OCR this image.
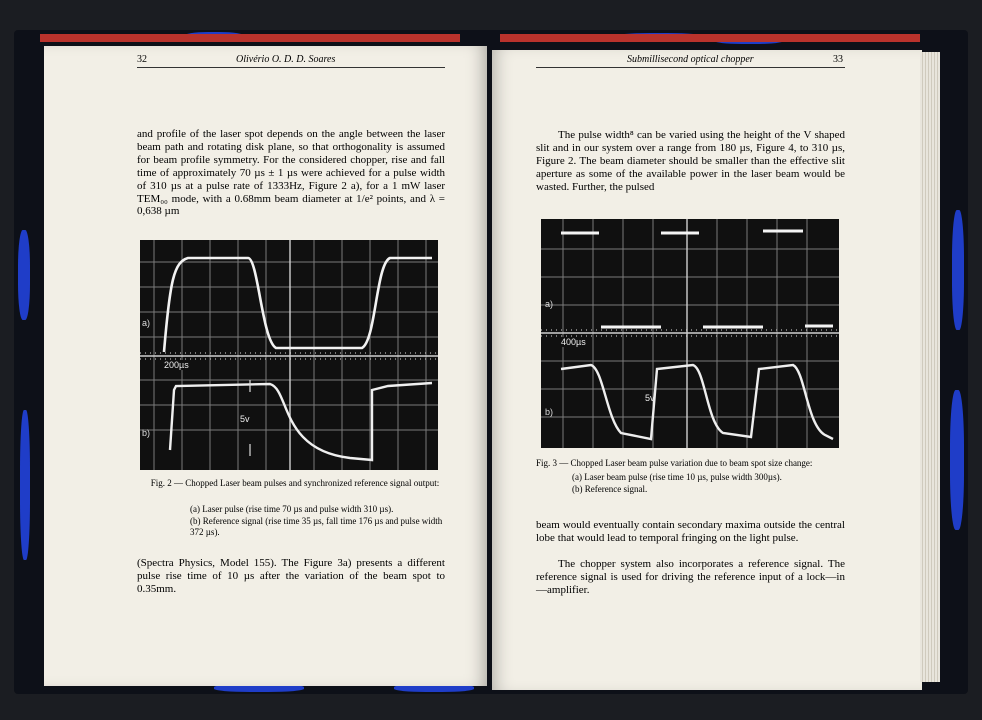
32	Olivério O. D. D. Soares

and profile of the laser spot depends on the angle between the laser beam path and rotating disk plane, so that orthogonality is assumed for beam profile symmetry. For the considered chopper, rise and fall time of approximately 70 µs ± 1 µs were achieved for a pulse width of 310 µs at a pulse rate of 1333Hz, Figure 2 a), for a 1 mW laser TEM₀₀ mode, with a 0.68mm beam diameter at 1/e² points, and λ = 0,638 µm

a)
b)
200µs
5v

Fig. 2 — Chopped Laser beam pulses and synchronized reference signal output:

(a) Laser pulse (rise time 70 µs and pulse width 310 µs).

(b) Reference signal (rise time 35 µs, fall time 176 µs and pulse width 372 µs).

(Spectra Physics, Model 155). The Figure 3a) presents a different pulse rise time of 10 µs after the variation of the beam spot to 0.35mm.

Submillisecond optical chopper	33

The pulse width⁸ can be varied using the height of the V shaped slit and in our system over a range from 180 µs, Figure 4, to 310 µs, Figure 2. The beam diameter should be smaller than the effective slit aperture as some of the available power in the laser beam would be wasted. Further, the pulsed

a)
b)
400µs
5v

Fig. 3 — Chopped Laser beam pulse variation due to beam spot size change:

(a) Laser beam pulse (rise time 10 µs, pulse width 300µs).

(b) Reference signal.

beam would eventually contain secondary maxima outside the central lobe that would lead to temporal fringing on the light pulse.

The chopper system also incorporates a reference signal. The reference signal is used for driving the reference input of a lock—in—amplifier.
